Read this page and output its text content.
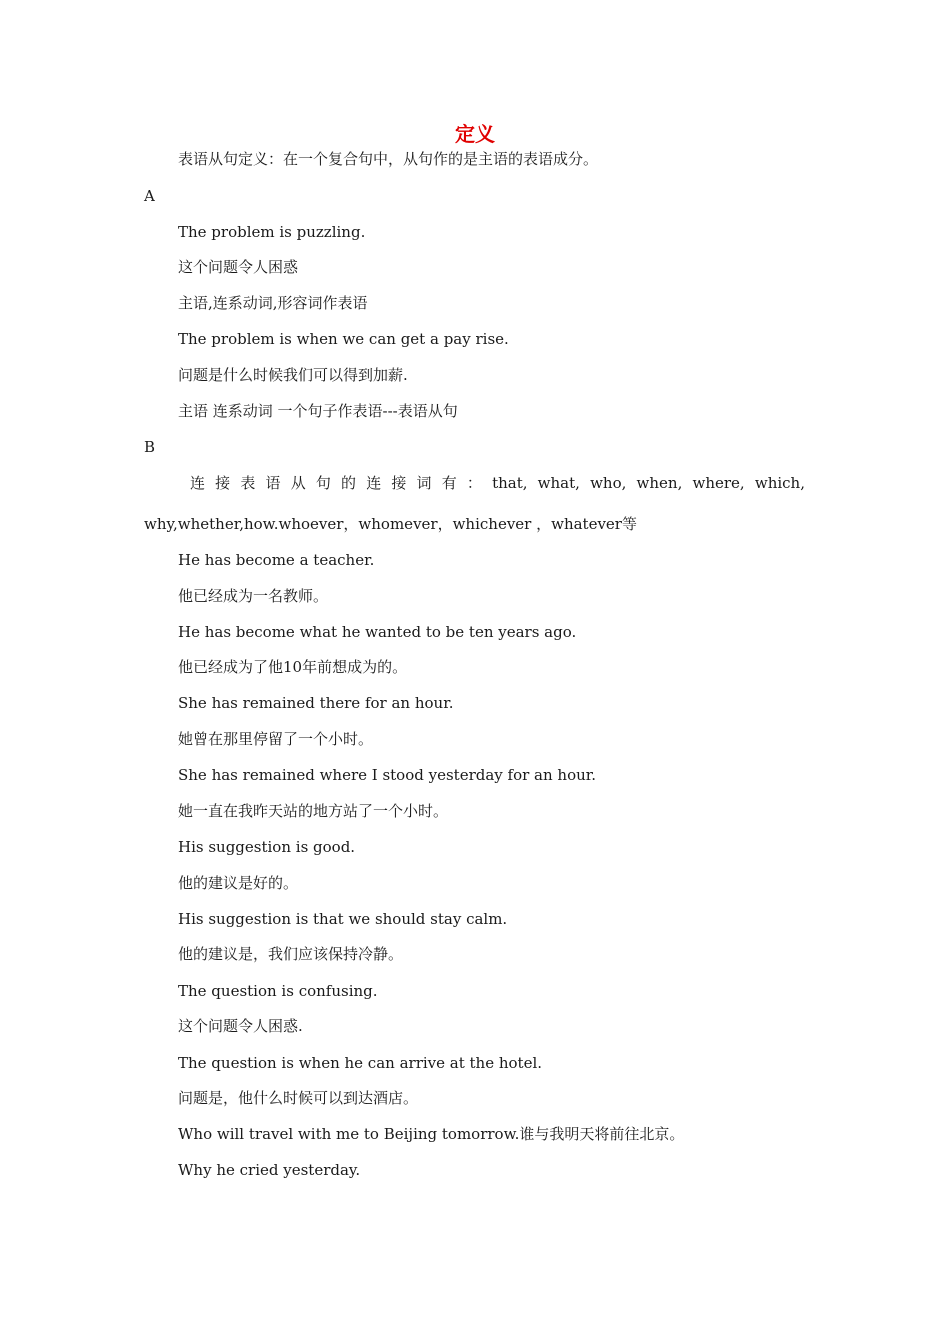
定义
表语从句定义：在一个复合句中，从句作的是主语的表语成分。
A
The problem is puzzling.
这个问题令人困惑
主语,连系动词,形容词作表语
The problem is when we can get a pay rise.
问题是什么时候我们可以得到加薪.
主语 连系动词 一个句子作表语---表语从句
B
连 接 表 语 从 句 的 连 接 词 有 ： that, what, who, when, where, which,
why,whether,how.whoever，whomever，whichever ，whatever等
He has become a teacher.
他已经成为一名教师。
He has become what he wanted to be ten years ago.
他已经成为了他10年前想成为的。
She has remained there for an hour.
她曾在那里停留了一个小时。
She has remained where I stood yesterday for an hour.
她一直在我昨天站的地方站了一个小时。
His suggestion is good.
他的建议是好的。
His suggestion is that we should stay calm.
他的建议是，我们应该保持冷静。
The question is confusing.
这个问题令人困惑.
The question is when he can arrive at the hotel.
问题是，他什么时候可以到达酒店。
Who will travel with me to Beijing tomorrow.谁与我明天将前往北京。
Why he cried yesterday.
